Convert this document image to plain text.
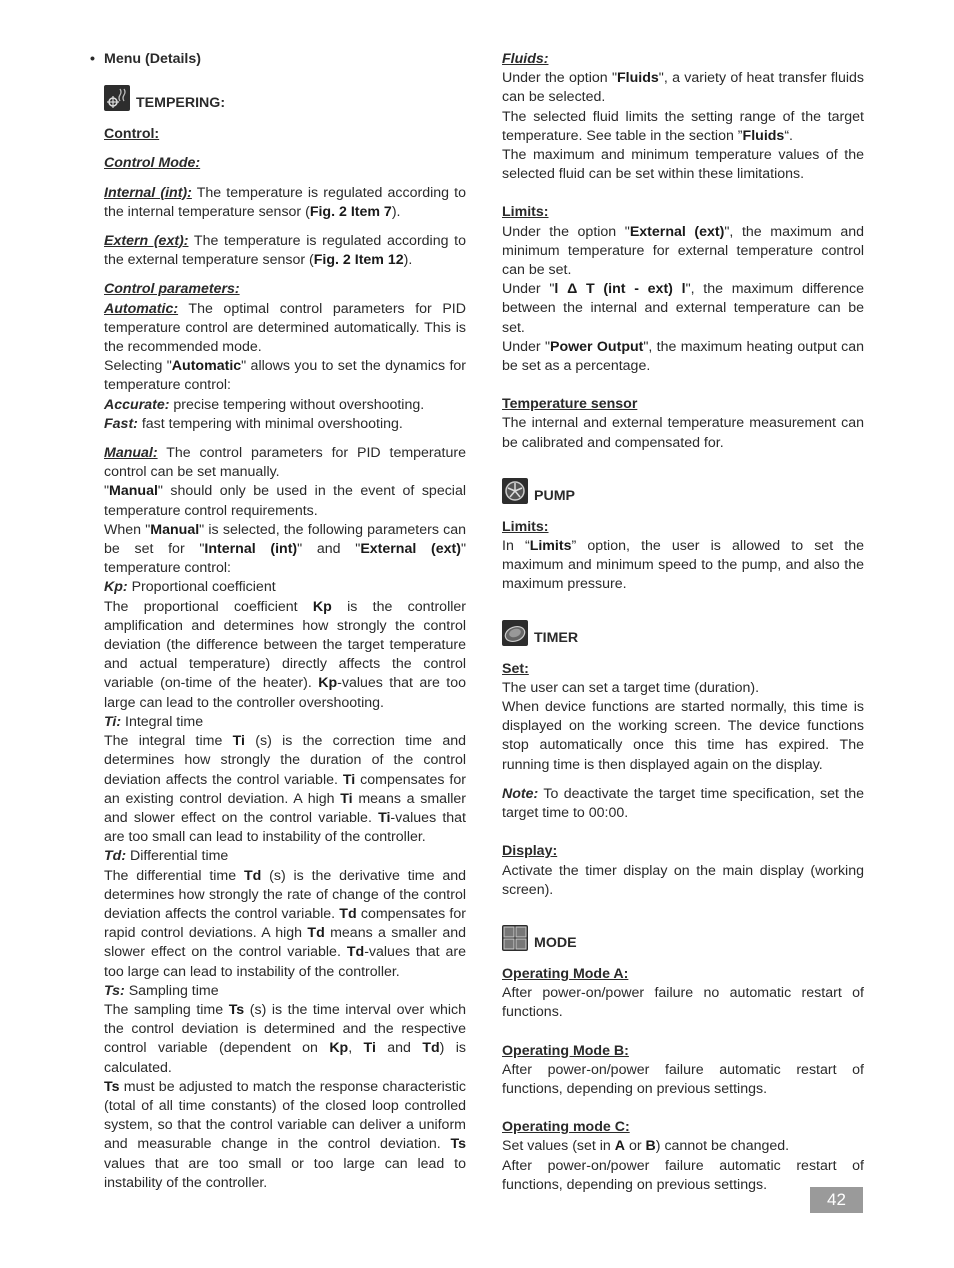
• Menu (Details)

TEMPERING:

Control:

Control Mode:

Internal (int): The temperature is regulated according to the internal temperature sensor (Fig. 2 Item 7).

Extern (ext): The temperature is regulated according to the external temperature sensor (Fig. 2 Item 12).

Control parameters:

Automatic: The optimal control parameters for PID temperature control are determined automatically. This is the recommended mode.

Selecting "Automatic" allows you to set the dynamics for temperature control:

Accurate: precise tempering without overshooting.

Fast: fast tempering with minimal overshooting.

Manual: The control parameters for PID temperature control can be set manually.

"Manual" should only be used in the event of special temperature control requirements.

When "Manual" is selected, the following parameters can be set for "Internal (int)" and "External (ext)" temperature control:

Kp: Proportional coefficient

The proportional coefficient Kp is the controller amplification and determines how strongly the control deviation (the difference between the target temperature and actual temperature) directly affects the control variable (on-time of the heater). Kp-values that are too large can lead to the controller overshooting.

Ti: Integral time

The integral time Ti (s) is the correction time and determines how strongly the duration of the control deviation affects the control variable. Ti compensates for an existing control deviation. A high Ti means a smaller and slower effect on the control variable. Ti-values that are too small can lead to instability of the controller.

Td: Differential time

The differential time Td (s) is the derivative time and determines how strongly the rate of change of the control deviation affects the control variable. Td compensates for rapid control deviations. A high Td means a smaller and slower effect on the control variable. Td-values that are too large can lead to instability of the controller.

Ts: Sampling time

The sampling time Ts (s) is the time interval over which the control deviation is determined and the respective control variable (dependent on Kp, Ti and Td) is calculated.

Ts must be adjusted to match the response characteristic (total of all time constants) of the closed loop controlled system, so that the control variable can deliver a uniform and measurable change in the control deviation. Ts values that are too small or too large can lead to instability of the controller.

Fluids:

Under the option "Fluids", a variety of heat transfer fluids can be selected.

The selected fluid limits the setting range of the target temperature. See table in the section ”Fluids“.

The maximum and minimum temperature values of the selected fluid can be set within these limitations.

Limits:

Under the option "External (ext)", the maximum and minimum temperature for external temperature control can be set.

Under "l Δ T (int - ext) l", the maximum difference between the internal and external temperature can be set.

Under "Power Output", the maximum heating output can be set as a percentage.

Temperature sensor

The internal and external temperature measurement can be calibrated and compensated for.

PUMP

Limits:

In “Limits” option, the user is allowed to set the maximum and minimum speed to the pump, and also the maximum pressure.

TIMER

Set:

The user can set a target time (duration).

When device functions are started normally, this time is displayed on the working screen. The device functions stop automatically once this time has expired. The running time is then displayed again on the display.

Note: To deactivate the target time specification, set the target time to 00:00.

Display:

Activate the timer display on the main display (working screen).

MODE

Operating Mode A:

After power-on/power failure no automatic restart of functions.

Operating Mode B:

After power-on/power failure automatic restart of functions, depending on previous settings.

Operating mode C:

Set values (set in A or B) cannot be changed.

After power-on/power failure automatic restart of functions, depending on previous settings.

42
